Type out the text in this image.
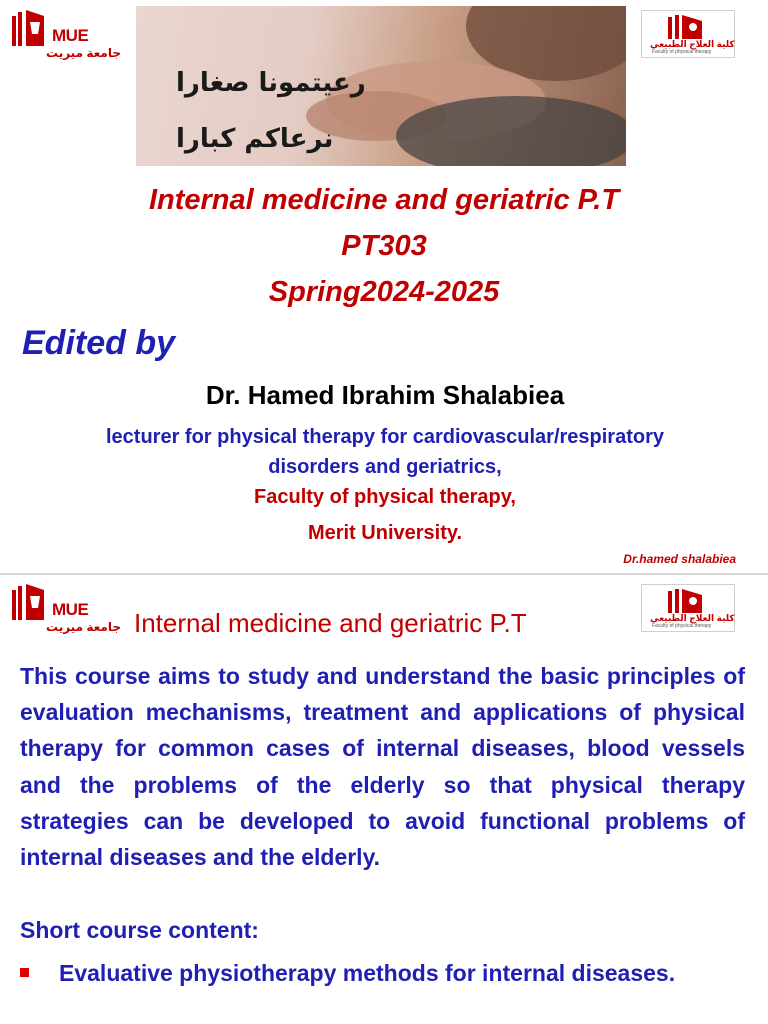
MUE
جامعة ميريت
رعيتمونا صغارا
نرعاكم كبارا
كلية العلاج الطبيعي
Faculty of physical therapy
Internal medicine and geriatric P.T
PT303
Spring2024-2025
Edited by
Dr. Hamed Ibrahim Shalabiea
lecturer for physical therapy for cardiovascular/respiratory
disorders and geriatrics,
Faculty of physical therapy,
Merit University.
Dr.hamed shalabiea
MUE
جامعة ميريت Internal medicine and geriatric P.T	كلية العلاج الطبيعي
Faculty of physical therapy
This course aims to study and understand the basic principles of evaluation mechanisms, treatment and applications of physical therapy for common cases of internal diseases, blood vessels and the problems of the elderly so that physical therapy strategies can be developed to avoid functional problems of internal diseases and the elderly.
Short course content:
Evaluative physiotherapy methods for internal diseases.
